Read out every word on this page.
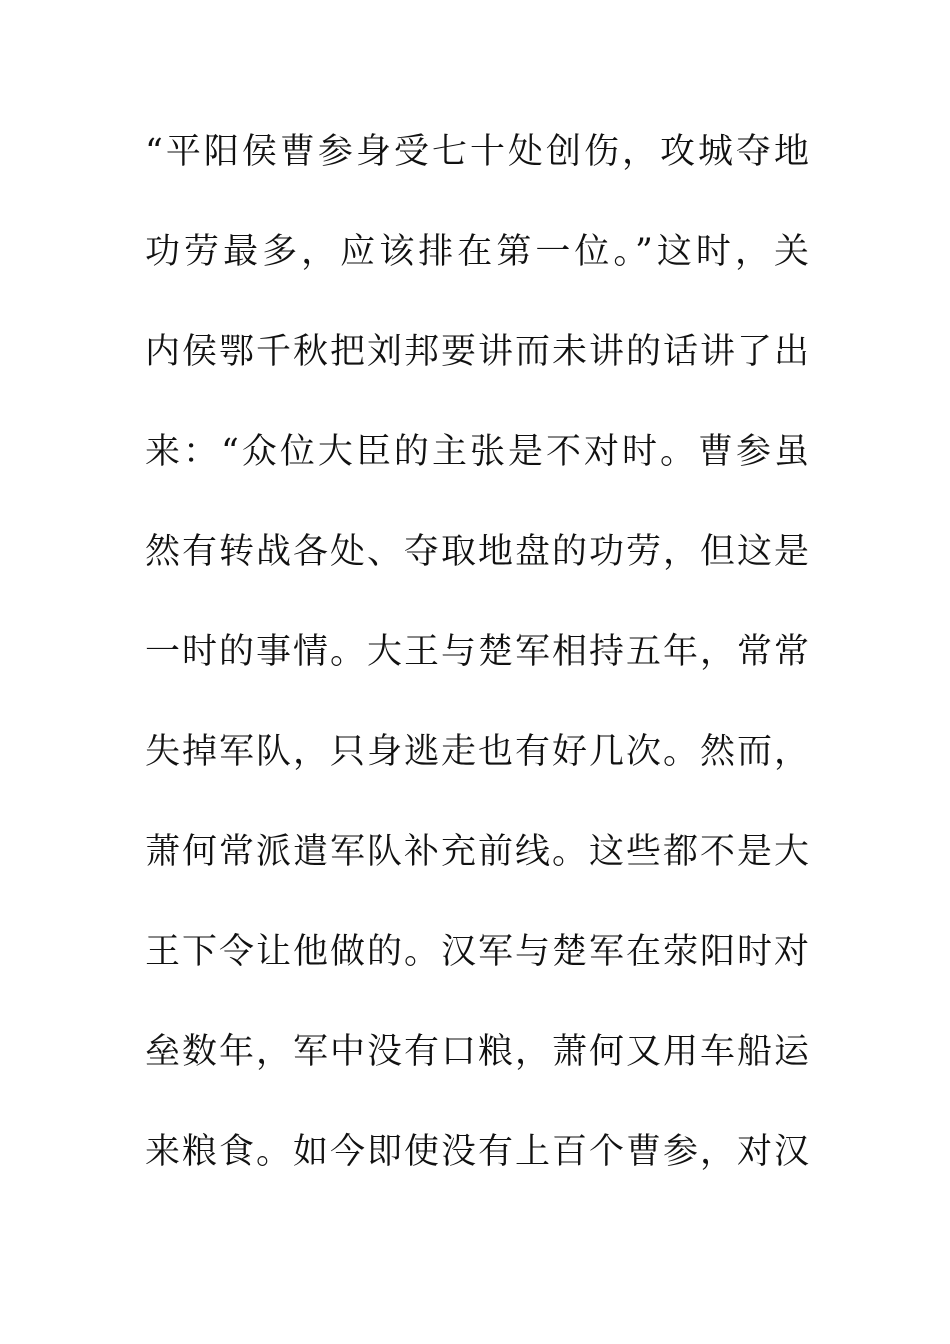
“平阳侯曹参身受七十处创伤，攻城夺地
功劳最多，应该排在第一位。”这时，关
内侯鄂千秋把刘邦要讲而未讲的话讲了出
来：“众位大臣的主张是不对时。曹参虽
然有转战各处、夺取地盘的功劳，但这是
一时的事情。大王与楚军相持五年，常常
失掉军队，只身逃走也有好几次。然而，
萧何常派遣军队补充前线。这些都不是大
王下令让他做的。汉军与楚军在荥阳时对
垒数年，军中没有口粮，萧何又用车船运
来粮食。如今即使没有上百个曹参，对汉
